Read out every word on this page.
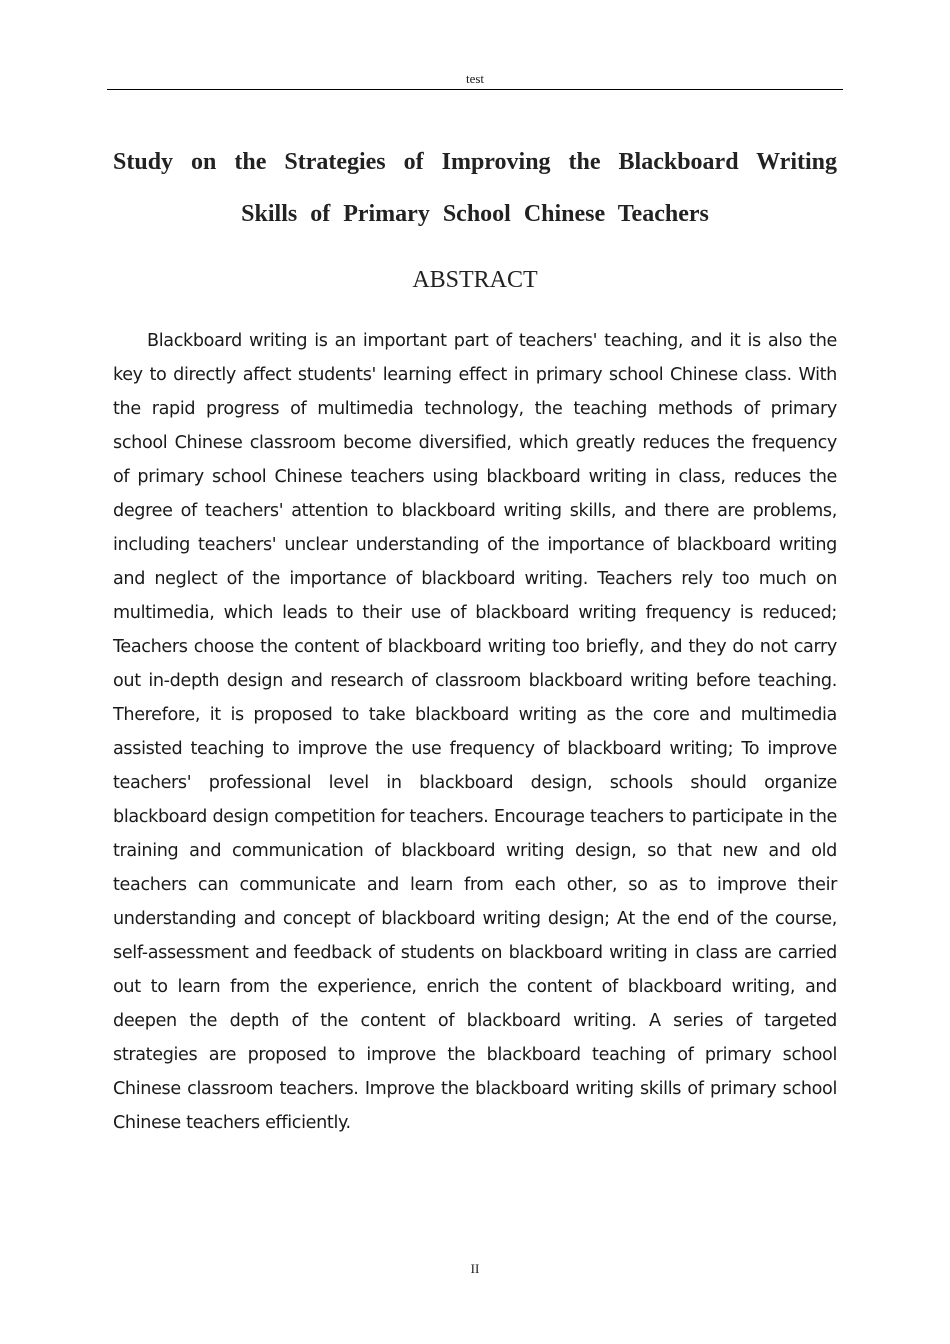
test
Study on the Strategies of Improving the Blackboard Writing Skills of Primary School Chinese Teachers
ABSTRACT

Blackboard writing is an important part of teachers' teaching, and it is also the key to directly affect students' learning effect in primary school Chinese class. With the rapid progress of multimedia technology, the teaching methods of primary school Chinese classroom become diversified, which greatly reduces the frequency of primary school Chinese teachers using blackboard writing in class, reduces the degree of teachers' attention to blackboard writing skills, and there are problems, including teachers' unclear understanding of the importance of blackboard writing and neglect of the importance of blackboard writing. Teachers rely too much on multimedia, which leads to their use of blackboard writing frequency is reduced; Teachers choose the content of blackboard writing too briefly, and they do not carry out in-depth design and research of classroom blackboard writing before teaching. Therefore, it is proposed to take blackboard writing as the core and multimedia assisted teaching to improve the use frequency of blackboard writing; To improve teachers' professional level in blackboard design, schools should organize blackboard design competition for teachers. Encourage teachers to participate in the training and communication of blackboard writing design, so that new and old teachers can communicate and learn from each other, so as to improve their understanding and concept of blackboard writing design; At the end of the course, self-assessment and feedback of students on blackboard writing in class are carried out to learn from the experience, enrich the content of blackboard writing, and deepen the depth of the content of blackboard writing. A series of targeted strategies are proposed to improve the blackboard teaching of primary school Chinese classroom teachers. Improve the blackboard writing skills of primary school Chinese teachers efficiently.

II
